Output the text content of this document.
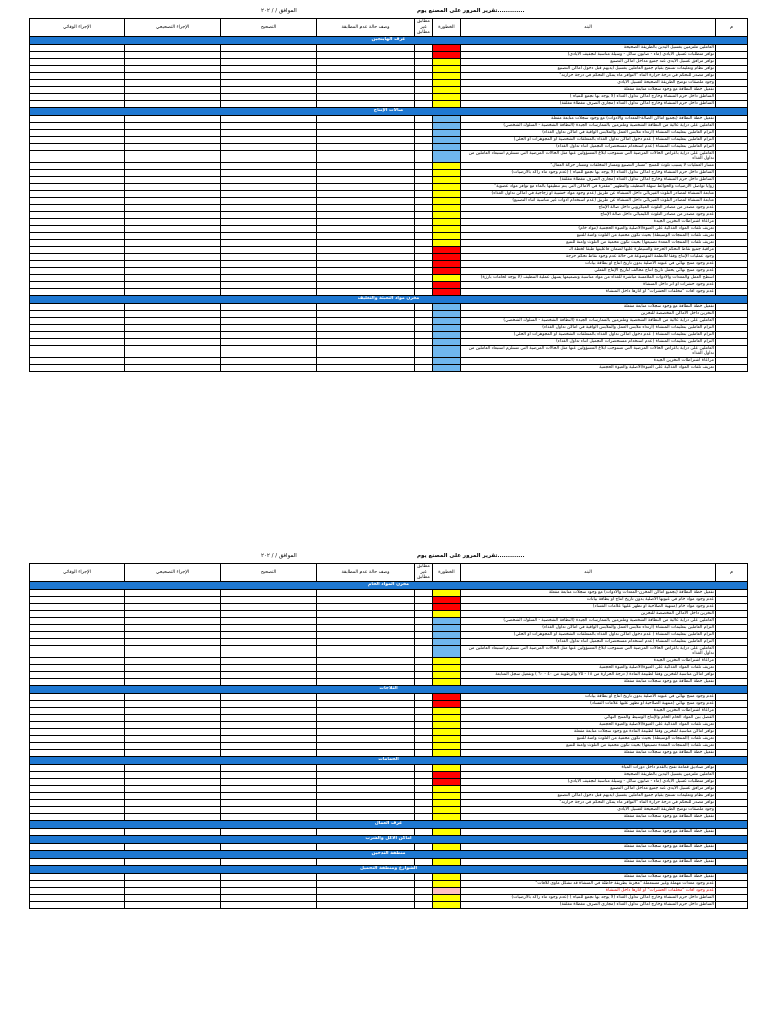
الموافق / / ٢٠٢	تقرير المرور على المصنع يوم.............
الإجراء الوقائي	الإجراء التصحيحي	التصحيح	وصف حالة عدم المطابقة	مطابق غير مطابق	الخطورة	البند	م
غرف الهاينجين							
						العاملين ملتزمين بغسيل اليدين بالطريقة الصحيحة	
						توافر متطلبات غسيل الأيادي (ماء - صابون سائل - وسيلة مناسبة لتجفيف الأيادي)	
						توافر مرافق غسيل الأيدي عند جميع مداخل أماكن التصنيع	
						توافر نظام وتعليمات تسمح بقيام جميع العاملين بغسيل ايديهم قبل دخول أماكن التصنيع	
						توافر مصدر للتحكم في درجة حرارة الماء "التوافر ماء يمكن التحكم في درجة حرارته"	
						وجود ملصقات توضح الطريقة الصحيحة لغسيل الأيادي	
						تفعيل خطة النظافة مع وجود سجلات متابعة مفعلة	
						المناطق داخل حرم المنشأة وخارج أماكن تداول الغذاء (لا يوجد بها تجمع للمياه )	
						المناطق داخل حرم المنشأة وخارج أماكن تداول الغذاء (مجاري الصرف مغطاة مغلقة)	
صالات الإنتاج							
						تفعيل خطة النظافة (بجميع أماكن الصالة-المعدات والأدوات) مع وجود سجلات متابعة مفعلة	
						العاملين على دراية عالية من النظافة الشخصية وملتزمين بالممارسات الجيدة (النظافة الشخصية - السلوك الشخصي)	
						التزام العاملين بتعليمات المنشأة (ارتداء ملابس العمل والملابس الواقية في أماكن تداول الغذاء)	
						التزام العاملين بتعليمات المنشأة ( عدم دخول أماكن تداول الغذاء بالمتعلقات الشخصية أو المجوهرات أو الحلي)	
						التزام العاملين بتعليمات المنشأة (عدم استخدام مستحضرات التجميل أثناء تداول الغذاء)	
						العاملين على دراية بأعراض الحالات المرضية التي تستوجب ابلاغ المسؤولين عنها مثل الحالات المرضية التي تستلزم استبعاد العاملين من تداول الغذاء	
						مسار العمليات لا يسبب تلوث للمنتج "مسار التصنيع ومسار المخلفات ومسار حركة العمال"	
						المناطق داخل حرم المنشأة وخارج أماكن تداول الغذاء (لا يوجد بها تجمع للمياه ) (عدم وجود ماء راكد بالأرضيات)	
						المناطق داخل حرم المنشأة وخارج أماكن تداول الغذاء (مجاري الصرف مغطاة مغلقة)	
						زوايا تواصل الأرضيات والحوائط سهلة التنظيف والتطهير "مقعرة في الأماكن التي يتم تنظيفها بالماء مع توافر مواد عضوية"	
						متابعة المنشأة لمصادر التلوث الفيزيائي داخل المنشأة عن طريق (عدم وجود مواد خشبية أو زجاجية في أماكن تداول الغذاء)	
						متابعة المنشأة لمصادر التلوث الفيزيائي داخل المنشأة عن طريق (عدم استخدام أدوات غير مناسبة أثناء التصنيع)	
						عدم وجود مصدر من مصادر التلوث الميكروبي داخل صالة الإنتاج	
						عدم وجود مصدر من مصادر التلوث الكيميائي داخل صالة الإنتاج	
						مراعاة اشتراطات التخزين الجيدة	
						تعريف تلفات المواد الغذائية على العبوة/الأصلية والعبوة الحجمية (مواد خام)	
						تعريف تلفات (المنتجات الوسيطة) بحيث تكون محمية من التلوث وآمنة للتتبع	
						تعريف تلفات (المنتجات المعدة تصنيعها) بحيث تكون محمية من التلوث وآمنة للتتبع	
						مراقبة جميع نقاط التحكم الحرجة والسيطرة عليها لضمان فاعليتها طبقا لخطة الـ	
						وجود عمليات الإنتاج وفقا للأنظمة الموضوعة في حالة عدم وجود نقاط تحكم حرجة	
						عدم وجود منتج نهائي في عبوته الأصلية بدون تاريخ انتاج أو بطاقة بيانات	
						عدم وجود منتج نهائي يحمل تاريخ انتاج مخالف لتاريخ الإنتاج الفعلي	
						أسطح العمل والمعدات والأدوات الملامسة مباشرة للغذاء من مواد مناسبة وتصميمها يسهل عملية التنظيف (لا يوجد لحامات بارزة)	
						عدم وجود حشرات أو أثر داخل المنشأة	
						عدم وجود آفات "مخلفات الحشرات" أو آثارها داخل المنشأة	
مخزن مواد التعبئة والتغليف							
						تفعيل خطة النظافة مع وجود سجلات متابعة مفعلة	
						التخزين داخل الأماكن المخصصة للتخزين	
						العاملين على دراية عالية من النظافة الشخصية وملتزمين بالممارسات الجيدة (النظافة الشخصية - السلوك الشخصي)	
						التزام العاملين بتعليمات المنشأة (ارتداء ملابس العمل والملابس الواقية في أماكن تداول الغذاء)	
						التزام العاملين بتعليمات المنشأة ( عدم دخول أماكن تداول الغذاء بالمتعلقات الشخصية أو المجوهرات أو الحلي)	
						التزام العاملين بتعليمات المنشأة (عدم استخدام مستحضرات التجميل أثناء تداول الغذاء)	
						العاملين على دراية بأعراض الحالات المرضية التي تستوجب ابلاغ المسؤولين عنها مثل الحالات المرضية التي تستلزم استبعاد العاملين من تداول الغذاء	
						مراعاة اشتراطات التخزين الجيدة	
						تعريف تلفات المواد الغذائية على العبوة/الأصلية والعبوة الحجمية	
الموافق / / ٢٠٢	تقرير المرور على المصنع يوم.............
الإجراء الوقائي	الإجراء التصحيحي	التصحيح	وصف حالة عدم المطابقة	مطابق غير مطابق	الخطورة	البند	م
مخزن المواد الخام							
						تفعيل خطة النظافة (بجميع أماكن المخزن-المعدات والأدوات) مع وجود سجلات متابعة مفعلة	
						عدم وجود مواد خام في عبوتها الأصلية بدون تاريخ انتاج أو بطاقة بيانات	
						عدم وجود مواد خام (منتهية الصلاحية أو تظهر عليها علامات الفساد)	
						التخزين داخل الأماكن المخصصة للتخزين	
						العاملين على دراية عالية من النظافة الشخصية وملتزمين بالممارسات الجيدة (النظافة الشخصية - السلوك الشخصي)	
						التزام العاملين بتعليمات المنشأة (ارتداء ملابس العمل والملابس الواقية في أماكن تداول الغذاء)	
						التزام العاملين بتعليمات المنشأة ( عدم دخول أماكن تداول الغذاء بالمتعلقات الشخصية أو المجوهرات أو الحلي)	
						التزام العاملين بتعليمات المنشأة (عدم استخدام مستحضرات التجميل أثناء تداول الغذاء)	
						العاملين على دراية بأعراض الحالات المرضية التي تستوجب ابلاغ المسؤولين عنها مثل الحالات المرضية التي تستلزم استبعاد العاملين من تداول الغذاء	
						مراعاة اشتراطات التخزين الجيدة	
						تعريف تلفات المواد الغذائية على العبوة/الأصلية والعبوة الحجمية	
						توافر أماكن مناسبة للتخزين وفقا لطبيعة المادة ( درجة الحرارة من ١٨ - ٢٥ والرطوبة من ٤٠ - ٦٠ ) وتفعيل سجل المتابعة	
						تفعيل خطة النظافة مع وجود سجلات متابعة مفعلة	
الثلاجات							
						عدم وجود منتج نهائي في عبوته الأصلية بدون تاريخ انتاج أو بطاقة بيانات	
						عدم وجود منتج نهائي (منتهية الصلاحية أو تظهر عليها علامات الفساد)	
						مراعاة اشتراطات التخزين الجيدة	
						الفصل بين المواد الخام الخام والإنتاج الوسيط والمنتج النهائي	
						تعريف تلفات المواد الغذائية على العبوة/الأصلية والعبوة الحجمية	
						توافر أماكن مناسبة للتخزين وفقا لطبيعة المادة مع وجود سجلات متابعة مفعلة	
						تعريف تلفات (المنتجات الوسيطة) بحيث تكون محمية من التلوث وآمنة للتتبع	
						تعريف تلفات (المنتجات المعدة تصنيعها) بحيث تكون محمية من التلوث وآمنة للتتبع	
						تفعيل خطة النظافة مع وجود سجلات متابعة مفعلة	
الحمامات							
						توافر صناديق قمامة تفتح بالقدم داخل دورات المياة	
						العاملين ملتزمين بغسيل اليدين بالطريقة الصحيحة	
						توافر متطلبات غسيل الأيادي (ماء - صابون سائل - وسيلة مناسبة لتجفيف الأيادي)	
						توافر مرافق غسيل الأيدي عند جميع مداخل أماكن التصنيع	
						توافر نظام وتعليمات تسمح بقيام جميع العاملين بغسيل ايديهم قبل دخول أماكن التصنيع	
						توافر مصدر للتحكم في درجة حرارة الماء "التوافر ماء يمكن التحكم في درجة حرارته"	
						وجود ملصقات توضح الطريقة الصحيحة لغسيل الأيادي	
						تفعيل خطة النظافة مع وجود سجلات متابعة مفعلة	
غرف العمال							
						تفعيل خطة النظافة مع وجود سجلات متابعة مفعلة	
أماكن الأكل والشرب							
						تفعيل خطة النظافة مع وجود سجلات متابعة مفعلة	
منطقة التدخين							
						تفعيل خطة النظافة مع وجود سجلات متابعة مفعلة	
الشوارع ومنطقة التحميل							
						تفعيل خطة النظافة مع وجود سجلات متابعة مفعلة	
						عدم وجود معدات مهملة وغير مستعملة "مخزنة بطريقة خاطئة في المنشأة قد تشكل مأوى للآفات"	
						عدم وجود آفات "مخلفات الحشرات" أو آثارها داخل المنشأة	
						المناطق داخل حرم المنشأة وخارج أماكن تداول الغذاء (لا يوجد بها تجمع للمياه ) (عدم وجود ماء راكد بالأرضيات)	
						المناطق داخل حرم المنشأة وخارج أماكن تداول الغذاء (مجاري الصرف مغطاة مغلقة)	
